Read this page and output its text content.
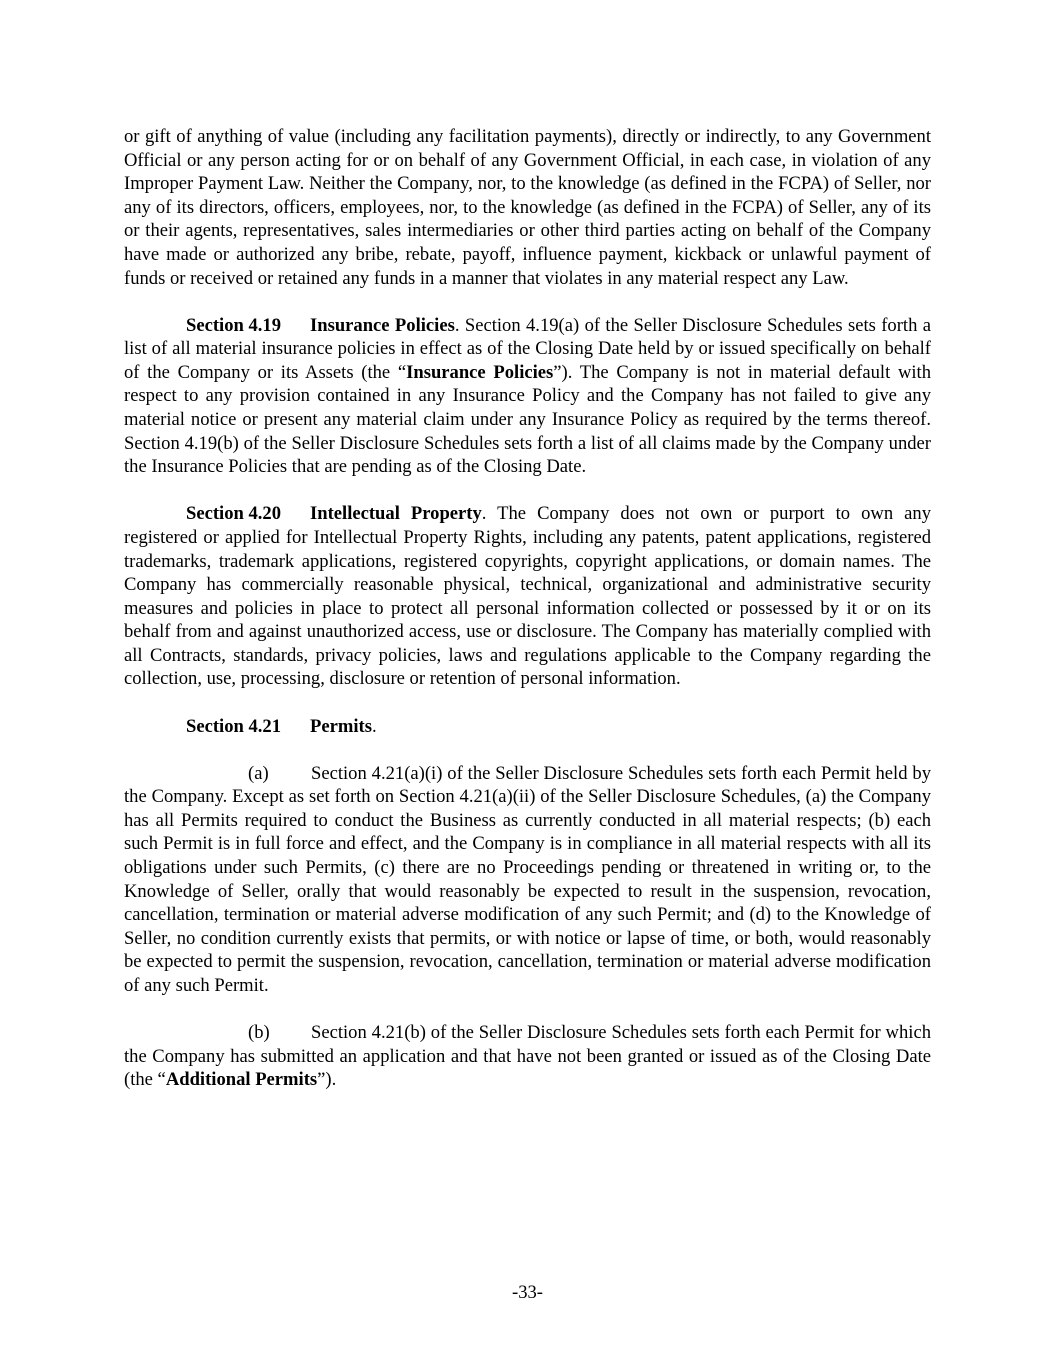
or gift of anything of value (including any facilitation payments), directly or indirectly, to any Government Official or any person acting for or on behalf of any Government Official, in each case, in violation of any Improper Payment Law. Neither the Company, nor, to the knowledge (as defined in the FCPA) of Seller, nor any of its directors, officers, employees, nor, to the knowledge (as defined in the FCPA) of Seller, any of its or their agents, representatives, sales intermediaries or other third parties acting on behalf of the Company have made or authorized any bribe, rebate, payoff, influence payment, kickback or unlawful payment of funds or received or retained any funds in a manner that violates in any material respect any Law.

Section 4.19 Insurance Policies. Section 4.19(a) of the Seller Disclosure Schedules sets forth a list of all material insurance policies in effect as of the Closing Date held by or issued specifically on behalf of the Company or its Assets (the “Insurance Policies”). The Company is not in material default with respect to any provision contained in any Insurance Policy and the Company has not failed to give any material notice or present any material claim under any Insurance Policy as required by the terms thereof. Section 4.19(b) of the Seller Disclosure Schedules sets forth a list of all claims made by the Company under the Insurance Policies that are pending as of the Closing Date.

Section 4.20 Intellectual Property. The Company does not own or purport to own any registered or applied for Intellectual Property Rights, including any patents, patent applications, registered trademarks, trademark applications, registered copyrights, copyright applications, or domain names. The Company has commercially reasonable physical, technical, organizational and administrative security measures and policies in place to protect all personal information collected or possessed by it or on its behalf from and against unauthorized access, use or disclosure. The Company has materially complied with all Contracts, standards, privacy policies, laws and regulations applicable to the Company regarding the collection, use, processing, disclosure or retention of personal information.

Section 4.21 Permits.

(a) Section 4.21(a)(i) of the Seller Disclosure Schedules sets forth each Permit held by the Company. Except as set forth on Section 4.21(a)(ii) of the Seller Disclosure Schedules, (a) the Company has all Permits required to conduct the Business as currently conducted in all material respects; (b) each such Permit is in full force and effect, and the Company is in compliance in all material respects with all its obligations under such Permits, (c) there are no Proceedings pending or threatened in writing or, to the Knowledge of Seller, orally that would reasonably be expected to result in the suspension, revocation, cancellation, termination or material adverse modification of any such Permit; and (d) to the Knowledge of Seller, no condition currently exists that permits, or with notice or lapse of time, or both, would reasonably be expected to permit the suspension, revocation, cancellation, termination or material adverse modification of any such Permit.

(b) Section 4.21(b) of the Seller Disclosure Schedules sets forth each Permit for which the Company has submitted an application and that have not been granted or issued as of the Closing Date (the “Additional Permits”).

-33-
